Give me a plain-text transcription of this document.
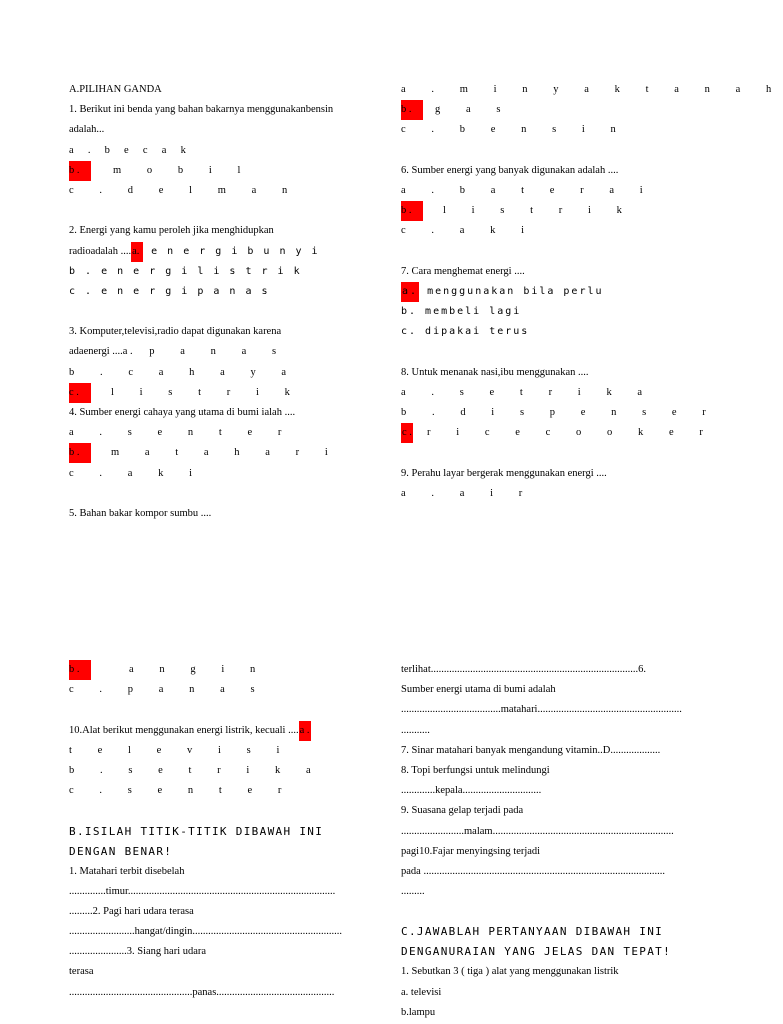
A.PILIHAN GANDA
1. Berikut ini benda yang bahan bakarnya menggunakanbensin
adalah...
a . b e c a k
b .	m o b i l
c . d e l m a n
2. Energi yang kamu peroleh jika menghidupkan
radioadalah ....a. e n e r g i b u n y i
b . e n e r g i l i s t r i k
c . e n e r g i p a n a s
3. Komputer,televisi,radio dapat digunakan karena
adaenergi ....a . p a n a s
b . c a h a y a
c .	l i s t r i k
4. Sumber energi cahaya yang utama di bumi ialah ....
a . s e n t e r
b .	m a t a h a r i
c . a k i
5. Bahan bakar kompor sumbu ....
a . m i n y a k t a n a h
b . g a s
c . b e n s i n
6. Sumber energi yang banyak digunakan adalah ....
a . b a t e r a i
b .	l i s t r i k
c . a k i
7. Cara menghemat energi ....
a. menggunakan bila perlu
b. membeli lagi
c. dipakai terus
8. Untuk menanak nasi,ibu menggunakan ....
a . s e t r i k a
b . d i s p e n s e r
c . r i c e c o o k e r
9. Perahu layar bergerak menggunakan energi ....
a . a i r
b .	a n g i n
c . p a n a s
10.Alat berikut menggunakan energi listrik, kecuali ....a .
t e l e v i s i
b . s e t r i k a
c . s e n t e r
B.ISILAH TITIK-TITIK DIBAWAH INI
DENGAN BENAR!
1. Matahari terbit disebelah
..............timur...............................................................................
.........2. Pagi hari udara terasa
.........................hangat/dingin.........................................................
......................3. Siang hari udara
terasa
...............................................panas.............................................
terlihat...............................................................................6.
Sumber energi utama di bumi adalah
......................................matahari.......................................................
...........
7. Sinar matahari banyak mengandung vitamin..D...................
8. Topi berfungsi untuk melindungi
.............kepala..............................
9. Suasana gelap terjadi pada
........................malam.....................................................................
pagi10.Fajar menyingsing terjadi
pada ............................................................................................
.........
C.JAWABLAH PERTANYAAN DIBAWAH INI
DENGANURAIAN YANG JELAS DAN TEPAT!
1. Sebutkan 3 ( tiga ) alat yang menggunakan listrik
a. televisi
b.lampu
